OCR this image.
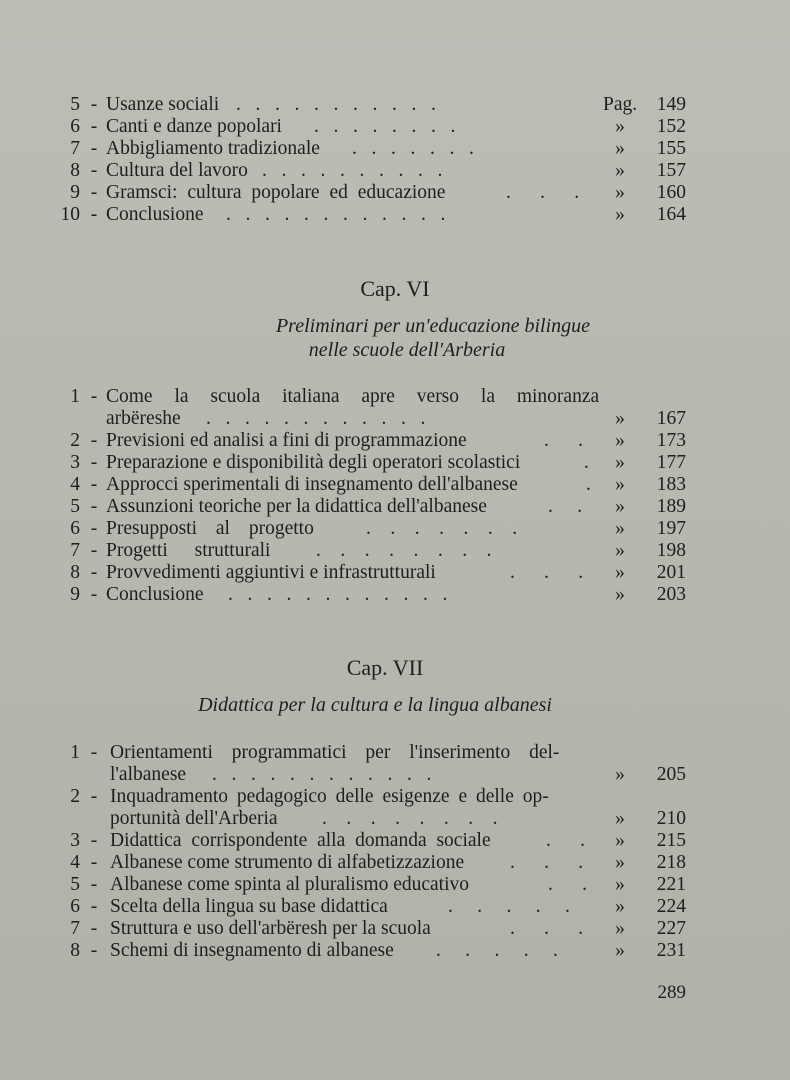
5 - Usanze sociali .   .   .   .   .   .   .   .   .   .   .	Pag.	149
6 - Canti e danze popolari .   .   .   .   .   .   .   .	»	152
7 - Abbigliamento tradizionale .   .   .   .   .   .   .	»	155
8 - Cultura del lavoro .   .   .   .   .   .   .   .   .   .	»	157
9 - Gramsci: cultura popolare ed educazione	.      .      .	»	160
10 - Conclusione .   .   .   .   .   .   .   .   .   .   .   .	»	164
Cap. VI
Preliminari per un'educazione bilingue
nelle scuole dell'Arberia
1 - Come la scuola italiana apre verso la minoranza
arbëreshe .   .   .   .   .   .   .   .   .   .   .   .	»	167
2 - Previsioni ed analisi a fini di programmazione	.      .	»	173
3 - Preparazione e disponibilità degli operatori scolastici	.	»	177
4 - Approcci sperimentali di insegnamento dell'albanese	.	»	183
5 - Assunzioni teoriche per la didattica dell'albanese	.     .	»	189
6 - Presupposti al progetto	.    .    .    .    .    .    .	»	197
7 - Progetti strutturali .    .    .    .    .    .    .    .	»	198
8 - Provvedimenti aggiuntivi e infrastrutturali	.      .      .	»	201
9 - Conclusione .   .   .   .   .   .   .   .   .   .   .   .	»	203
Cap. VII
Didattica per la cultura e la lingua albanesi
1 - Orientamenti programmatici per l'inserimento del-
l'albanese .   .   .   .   .   .   .   .   .   .   .   .	»	205
2 - Inquadramento pedagogico delle esigenze e delle op-
portunità dell'Arberia .    .    .    .    .    .    .    .	»	210
3 - Didattica corrispondente alla domanda sociale	.      .	»	215
4 - Albanese come strumento di alfabetizzazione .      .      .	»	218
5 - Albanese come spinta al pluralismo educativo	.      .	»	221
6 - Scelta della lingua su base didattica	.     .     .     .     .	»	224
7 - Struttura e uso dell'arbëresh per la scuola	.      .      .	»	227
8 - Schemi di insegnamento di albanese .     .     .     .     .	»	231
289
